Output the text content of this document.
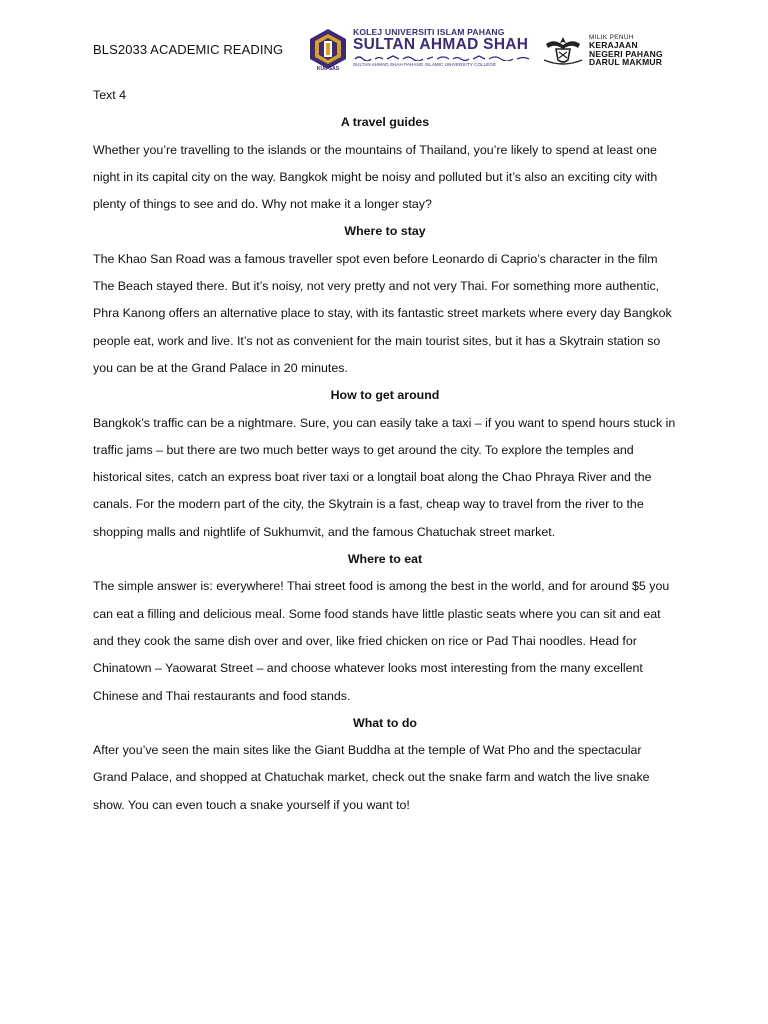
BLS2033 ACADEMIC READING
KUIPSAS
KOLEJ UNIVERSITI ISLAM PAHANG
SULTAN AHMAD SHAH
SULTAN AHMAD SHAH PAHANG ISLAMIC UNIVERSITY COLLEGE
MILIK PENUH
KERAJAAN
NEGERI PAHANG
DARUL MAKMUR

Text 4

A travel guides

Whether you’re travelling to the islands or the mountains of Thailand, you’re likely to spend at least one night in its capital city on the way. Bangkok might be noisy and polluted but it’s also an exciting city with plenty of things to see and do. Why not make it a longer stay?

Where to stay

The Khao San Road was a famous traveller spot even before Leonardo di Caprio’s character in the film The Beach stayed there. But it’s noisy, not very pretty and not very Thai. For something more authentic, Phra Kanong offers an alternative place to stay, with its fantastic street markets where every day Bangkok people eat, work and live. It’s not as convenient for the main tourist sites, but it has a Skytrain station so you can be at the Grand Palace in 20 minutes.

How to get around

Bangkok’s traffic can be a nightmare. Sure, you can easily take a taxi – if you want to spend hours stuck in traffic jams – but there are two much better ways to get around the city. To explore the temples and historical sites, catch an express boat river taxi or a longtail boat along the Chao Phraya River and the canals. For the modern part of the city, the Skytrain is a fast, cheap way to travel from the river to the shopping malls and nightlife of Sukhumvit, and the famous Chatuchak street market.

Where to eat

The simple answer is: everywhere! Thai street food is among the best in the world, and for around $5 you can eat a filling and delicious meal. Some food stands have little plastic seats where you can sit and eat and they cook the same dish over and over, like fried chicken on rice or Pad Thai noodles. Head for Chinatown – Yaowarat Street – and choose whatever looks most interesting from the many excellent Chinese and Thai restaurants and food stands.

What to do

After you’ve seen the main sites like the Giant Buddha at the temple of Wat Pho and the spectacular Grand Palace, and shopped at Chatuchak market, check out the snake farm and watch the live snake show. You can even touch a snake yourself if you want to!
